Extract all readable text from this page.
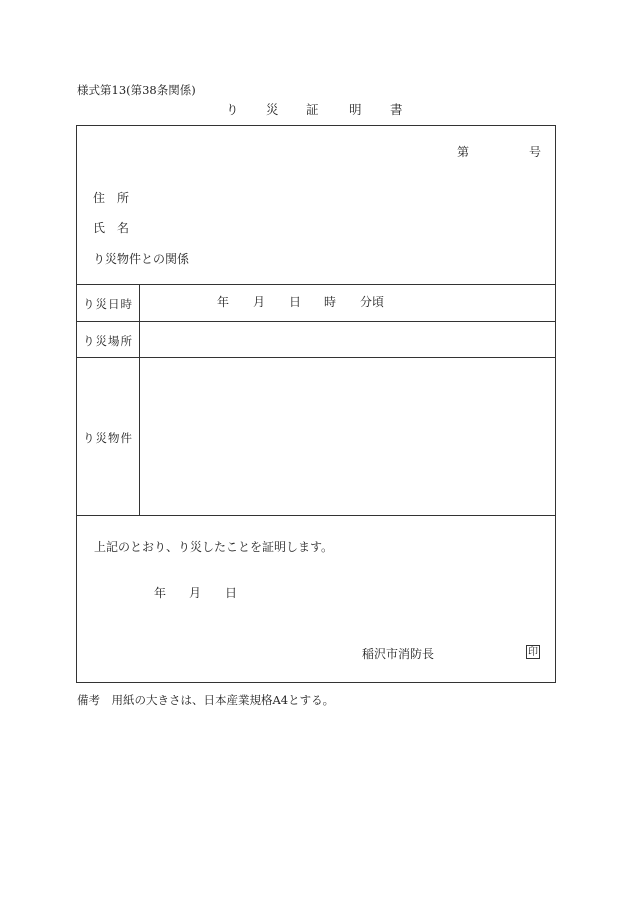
様式第13(第38条関係)
り 災 証 明 書
第	号
住　所
氏　名
り災物件との関係
り災日時	年 月 日 時 分頃
り災場所
り災物件
上記のとおり、り災したことを証明します。
年 月 日
稲沢市消防長	印
備考　用紙の大きさは、日本産業規格A4とする。
